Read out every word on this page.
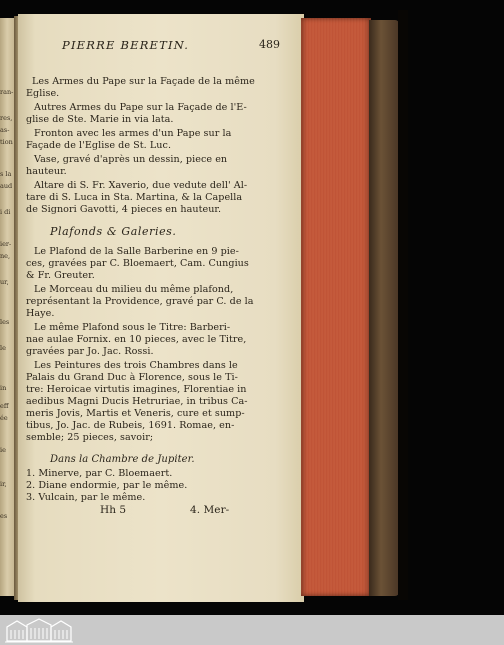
ran-
res,
as-
tion
s la
aud
i di
ier-
ne,
ur,
les
le
in
eff
ée
ie
ir,
es
PIERRE BERETIN.	489
Les Armes du Pape sur la Façade de la même
Eglise.
Autres Armes du Pape sur la Façade de l'E-
glise de Ste. Marie in via lata.
Fronton avec les armes d'un Pape sur la
Façade de l'Eglise de St. Luc.
Vase, gravé d'après un dessin, piece en
hauteur.
Altare di S. Fr. Xaverio, due vedute dell' Al-
tare di S. Luca in Sta. Martina, & la Capella
de Signori Gavotti, 4 pieces en hauteur.
Plafonds & Galeries.
Le Plafond de la Salle Barberine en 9 pie-
ces, gravées par C. Bloemaert, Cam. Cungius
& Fr. Greuter.
Le Morceau du milieu du même plafond,
représentant la Providence, gravé par C. de la
Haye.
Le même Plafond sous le Titre: Barberi-
nae aulae Fornix. en 10 pieces, avec le Titre,
gravées par Jo. Jac. Rossi.
Les Peintures des trois Chambres dans le
Palais du Grand Duc à Florence, sous le Ti-
tre: Heroicae virtutis imagines, Florentiae in
aedibus Magni Ducis Hetruriae, in tribus Ca-
meris Jovis, Martis et Veneris, cure et sump-
tibus, Jo. Jac. de Rubeis, 1691. Romae, en-
semble; 25 pieces, savoir;
Dans la Chambre de Jupiter.
1. Minerve, par C. Bloemaert.
2. Diane endormie, par le même.
3. Vulcain, par le même.
Hh 5	4. Mer-
